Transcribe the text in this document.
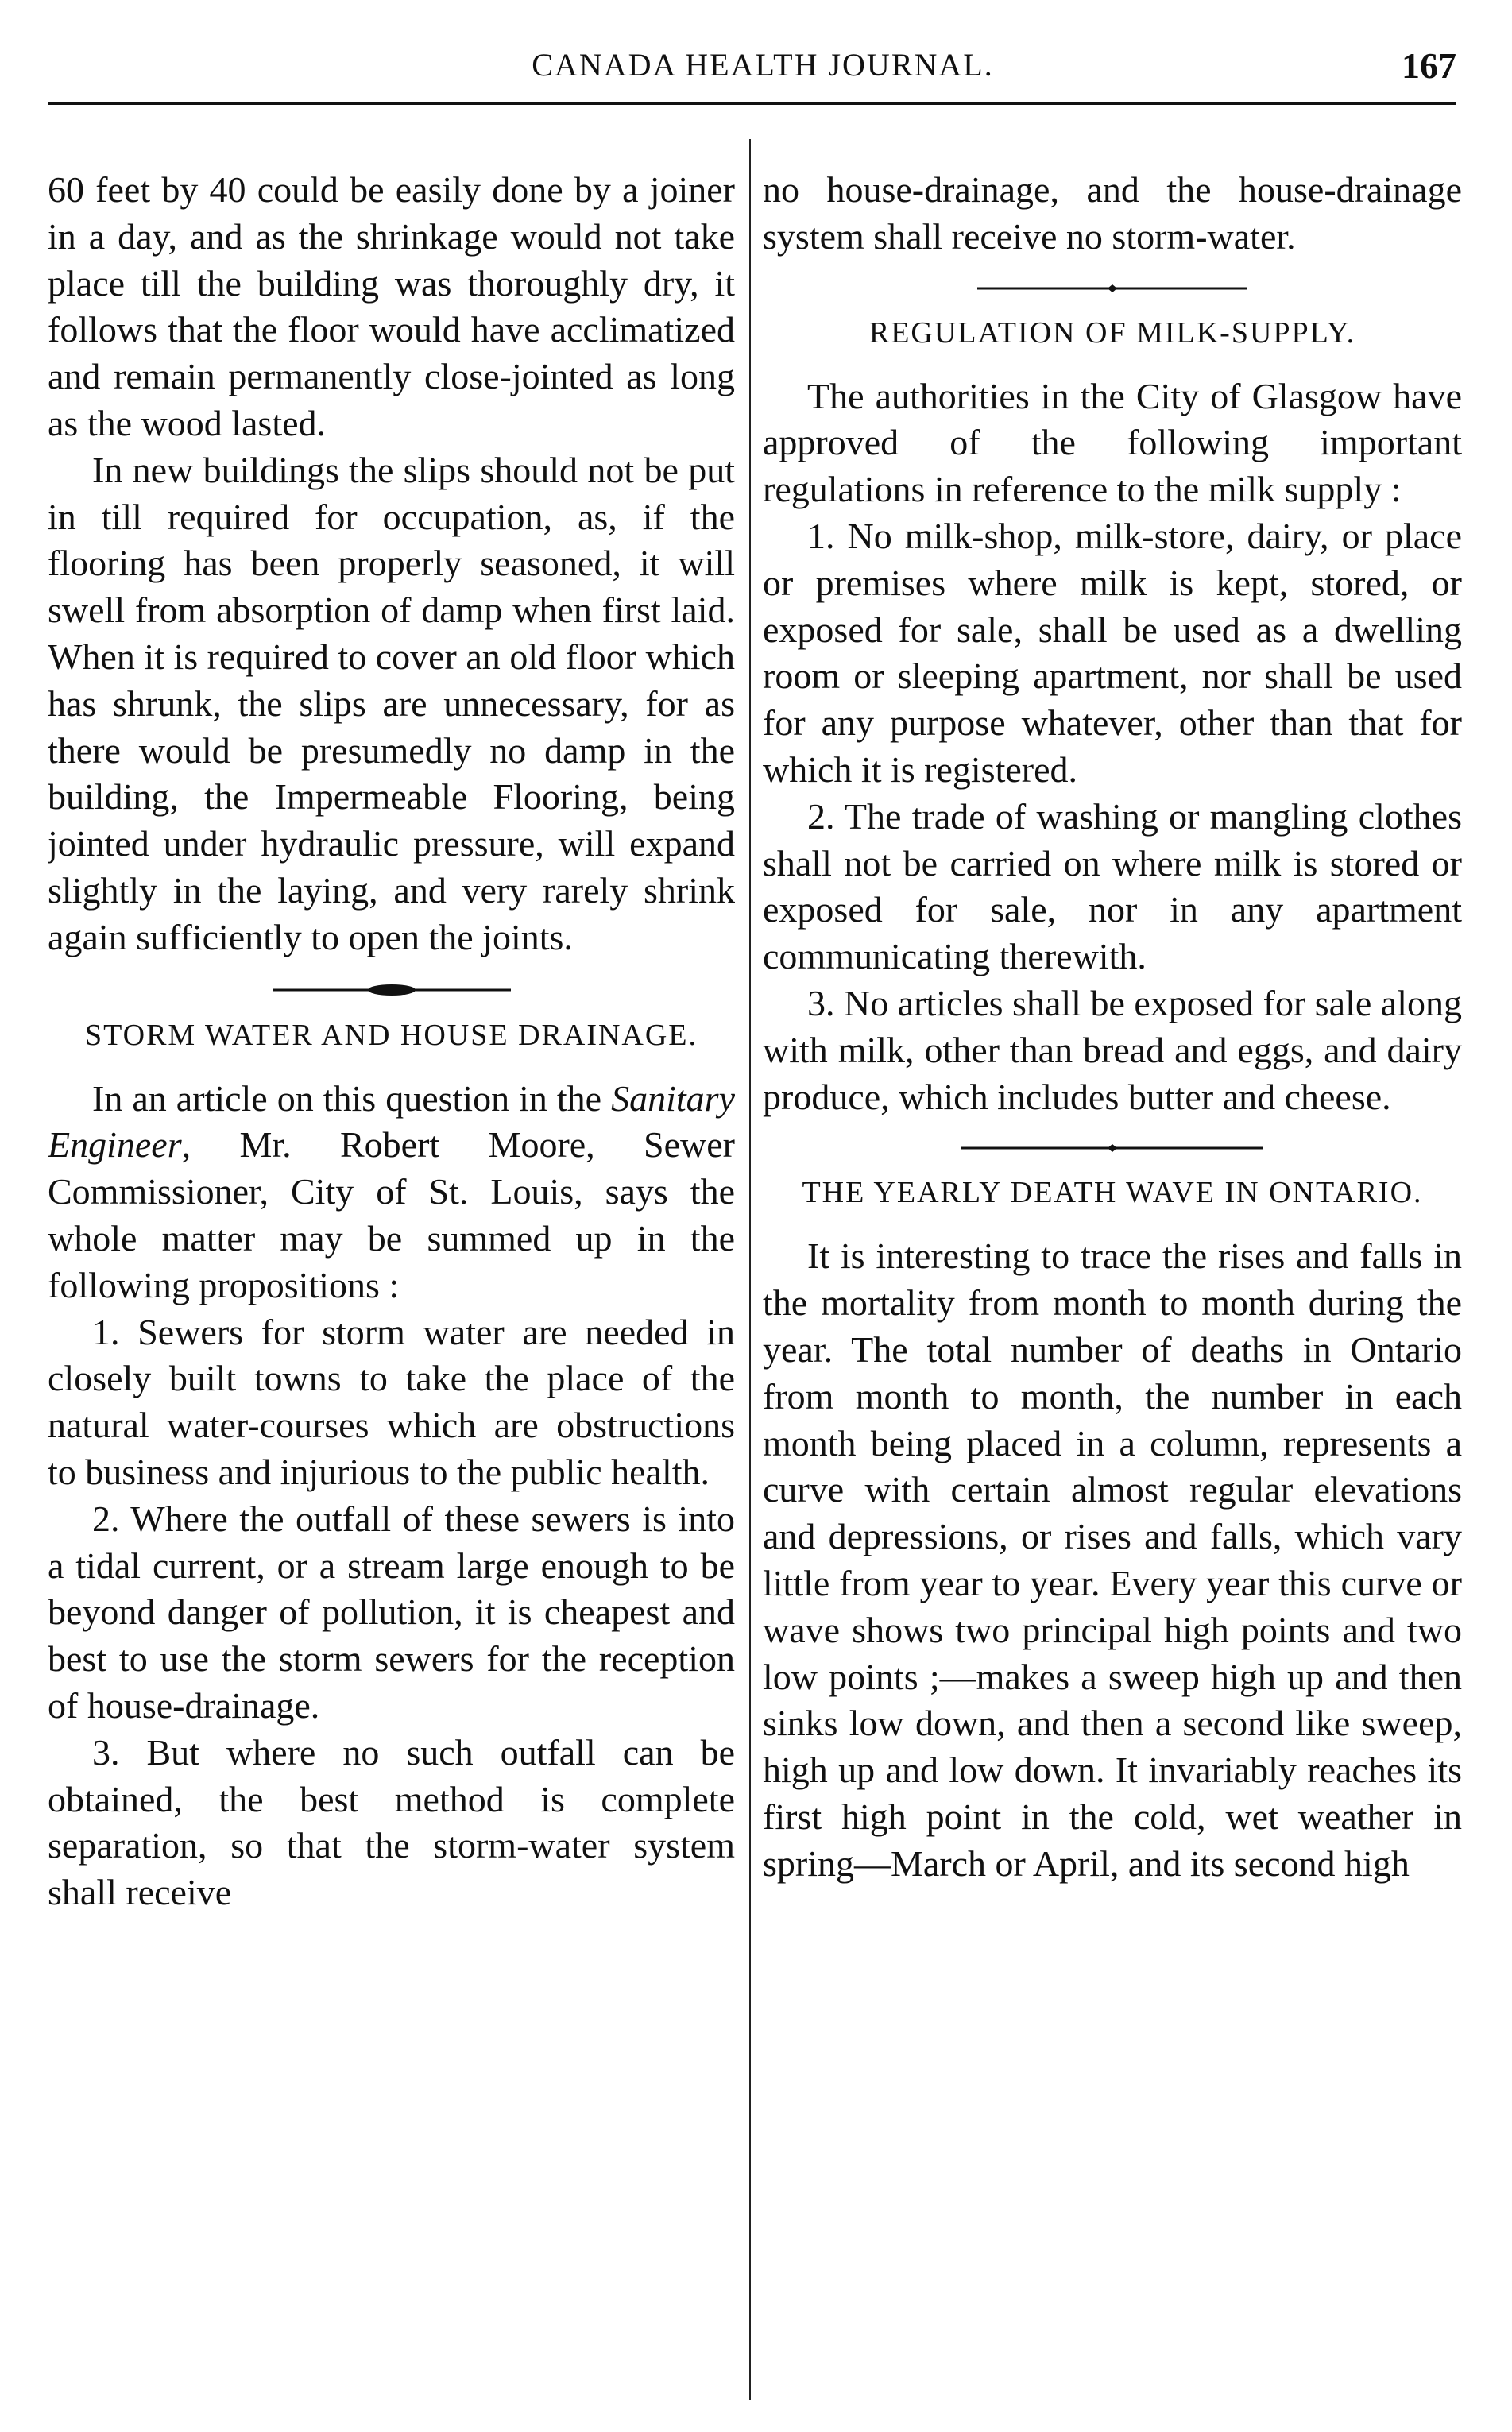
CANADA HEALTH JOURNAL.	167

60 feet by 40 could be easily done by a joiner in a day, and as the shrinkage would not take place till the building was thoroughly dry, it follows that the floor would have acclimatized and remain permanently close-jointed as long as the wood lasted.

In new buildings the slips should not be put in till required for occupation, as, if the flooring has been properly seasoned, it will swell from absorption of damp when first laid. When it is required to cover an old floor which has shrunk, the slips are unnecessary, for as there would be presumedly no damp in the building, the Impermeable Flooring, being jointed under hydraulic pressure, will expand slightly in the laying, and very rarely shrink again sufficiently to open the joints.

STORM WATER AND HOUSE DRAINAGE.

In an article on this question in the Sanitary Engineer, Mr. Robert Moore, Sewer Commissioner, City of St. Louis, says the whole matter may be summed up in the following propositions :

1. Sewers for storm water are needed in closely built towns to take the place of the natural water-courses which are obstructions to business and injurious to the public health.

2. Where the outfall of these sewers is into a tidal current, or a stream large enough to be beyond danger of pollution, it is cheapest and best to use the storm sewers for the reception of house-drainage.

3. But where no such outfall can be obtained, the best method is complete separation, so that the storm-water system shall receive

no house-drainage, and the house-drainage system shall receive no storm-water.

REGULATION OF MILK-SUPPLY.

The authorities in the City of Glasgow have approved of the following important regulations in reference to the milk supply :

1. No milk-shop, milk-store, dairy, or place or premises where milk is kept, stored, or exposed for sale, shall be used as a dwelling room or sleeping apartment, nor shall be used for any purpose whatever, other than that for which it is registered.

2. The trade of washing or mangling clothes shall not be carried on where milk is stored or exposed for sale, nor in any apartment communicating therewith.

3. No articles shall be exposed for sale along with milk, other than bread and eggs, and dairy produce, which includes butter and cheese.

THE YEARLY DEATH WAVE IN ONTARIO.

It is interesting to trace the rises and falls in the mortality from month to month during the year. The total number of deaths in Ontario from month to month, the number in each month being placed in a column, represents a curve with certain almost regular elevations and depressions, or rises and falls, which vary little from year to year. Every year this curve or wave shows two principal high points and two low points ;—makes a sweep high up and then sinks low down, and then a second like sweep, high up and low down. It invariably reaches its first high point in the cold, wet weather in spring—March or April, and its second high
